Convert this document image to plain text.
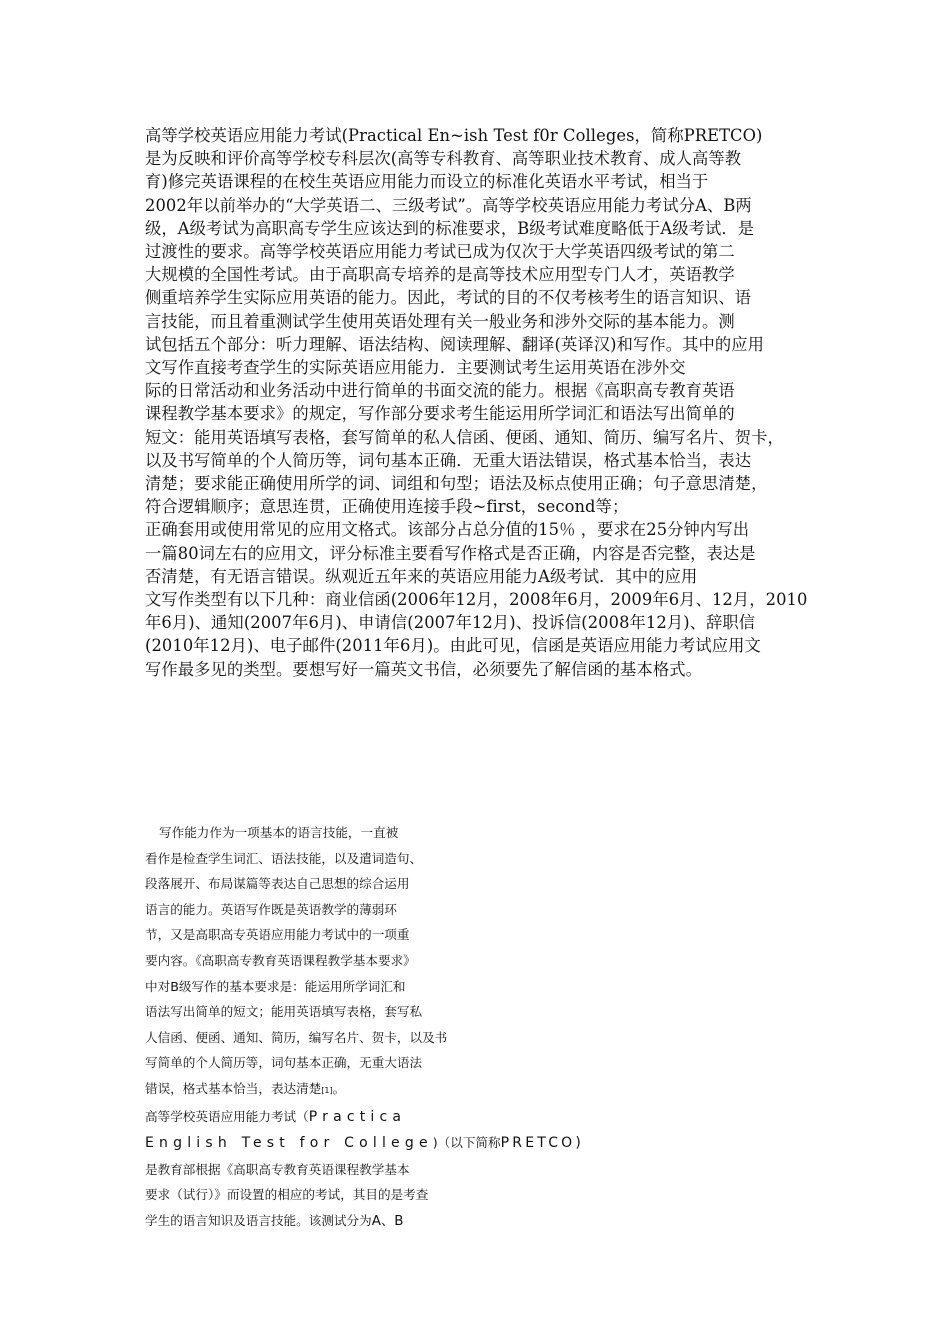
高等学校英语应用能力考试(Practical En~ish Test f0r Colleges，简称PRETCO)
是为反映和评价高等学校专科层次(高等专科教育、高等职业技术教育、成人高等教
育)修完英语课程的在校生英语应用能力而设立的标准化英语水平考试，相当于
2002年以前举办的“大学英语二、三级考试”。高等学校英语应用能力考试分A、B两
级，A级考试为高职高专学生应该达到的标准要求，B级考试难度略低于A级考试．是
过渡性的要求。高等学校英语应用能力考试已成为仅次于大学英语四级考试的第二
大规模的全国性考试。由于高职高专培养的是高等技术应用型专门人才，英语教学
侧重培养学生实际应用英语的能力。因此，考试的目的不仅考核考生的语言知识、语
言技能，而且着重测试学生使用英语处理有关一般业务和涉外交际的基本能力。测
试包括五个部分：听力理解、语法结构、阅读理解、翻译(英译汉)和写作。其中的应用
文写作直接考查学生的实际英语应用能力．主要测试考生运用英语在涉外交
际的日常活动和业务活动中进行简单的书面交流的能力。根据《高职高专教育英语
课程教学基本要求》的规定，写作部分要求考生能运用所学词汇和语法写出简单的
短文：能用英语填写表格，套写简单的私人信函、便函、通知、简历、编写名片、贺卡，
以及书写简单的个人简历等，词句基本正确．无重大语法错误，格式基本恰当，表达
清楚；要求能正确使用所学的词、词组和句型；语法及标点使用正确；句子意思清楚，
符合逻辑顺序；意思连贯，正确使用连接手段~first，second等；
正确套用或使用常见的应用文格式。该部分占总分值的15％ ，要求在25分钟内写出
一篇80词左右的应用文，评分标准主要看写作格式是否正确，内容是否完整，表达是
否清楚，有无语言错误。纵观近五年来的英语应用能力A级考试．其中的应用
文写作类型有以下几种：商业信函(2006年12月，2008年6月，2009年6月、12月，2010
年6月)、通知(2007年6月)、申请信(2007年12月)、投诉信(2008年12月)、辞职信
(2010年12月)、电子邮件(2011年6月)。由此可见，信函是英语应用能力考试应用文
写作最多见的类型。要想写好一篇英文书信，必须要先了解信函的基本格式。
写作能力作为一项基本的语言技能，一直被
看作是检查学生词汇、语法技能，以及遣词造句、
段落展开、布局谋篇等表达自己思想的综合运用
语言的能力。英语写作既是英语教学的薄弱环
节，又是高职高专英语应用能力考试中的一项重
要内容。《高职高专教育英语课程教学基本要求》
中对B级写作的基本要求是：能运用所学词汇和
语法写出简单的短文；能用英语填写表格，套写私
人信函、便函、通知、简历，编写名片、贺卡，以及书
写简单的个人简历等，词句基本正确，无重大语法
错误，格式基本恰当，表达清楚[1]。
高等学校英语应用能力考试（Practica
English Test for College)（以下简称PRETCO)
是教育部根据《高职高专教育英语课程教学基本
要求（试行）》而设置的相应的考试，其目的是考查
学生的语言知识及语言技能。该测试分为A、B
